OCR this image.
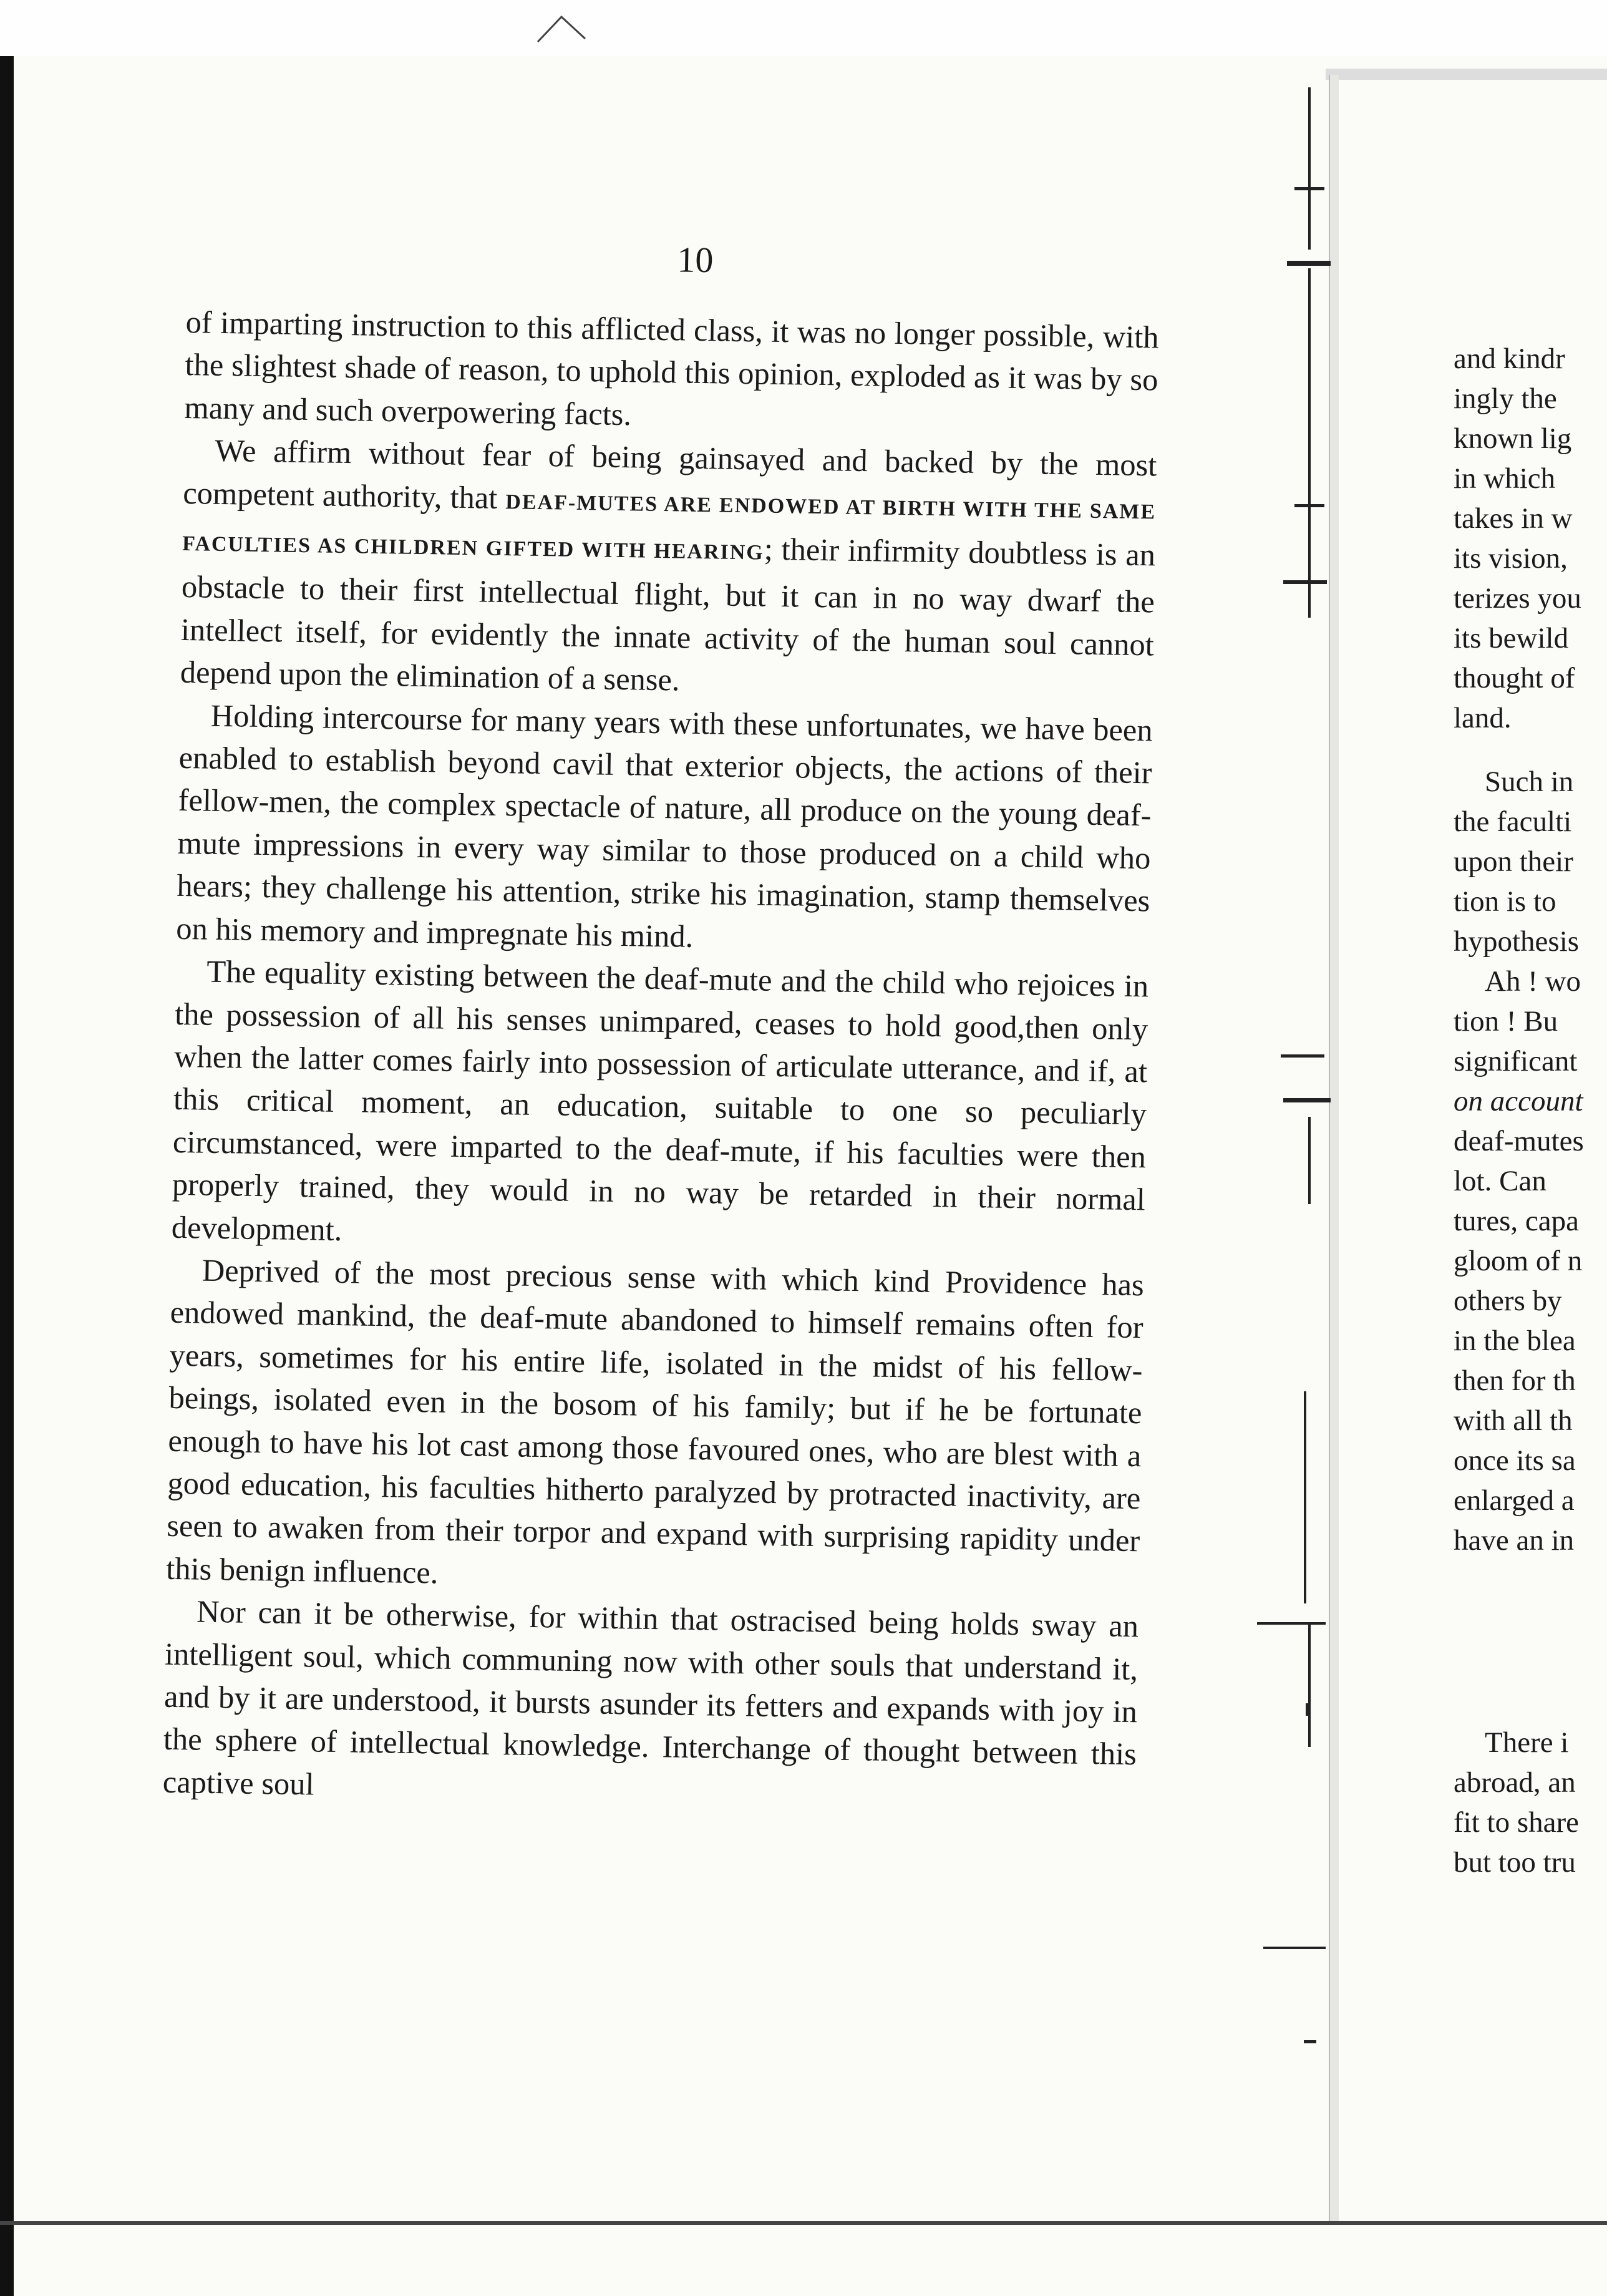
10

of imparting instruction to this afflicted class, it was no longer possible, with the slightest shade of reason, to uphold this opinion, exploded as it was by so many and such overpowering facts.

We affirm without fear of being gainsayed and backed by the most competent authority, that DEAF-MUTES ARE ENDOWED AT BIRTH WITH THE SAME FACULTIES AS CHILDREN GIFTED WITH HEARING; their infirmity doubtless is an obstacle to their first intellectual flight, but it can in no way dwarf the intellect itself, for evidently the innate activity of the human soul cannot depend upon the elimination of a sense.

Holding intercourse for many years with these unfortunates, we have been enabled to establish beyond cavil that exterior objects, the actions of their fellow-men, the complex spectacle of nature, all produce on the young deaf-mute impressions in every way similar to those produced on a child who hears; they challenge his attention, strike his imagination, stamp themselves on his memory and impregnate his mind.

The equality existing between the deaf-mute and the child who rejoices in the possession of all his senses unimpared, ceases to hold good,then only when the latter comes fairly into possession of articulate utterance, and if, at this critical moment, an education, suitable to one so peculiarly circumstanced, were imparted to the deaf-mute, if his faculties were then properly trained, they would in no way be retarded in their normal development.

Deprived of the most precious sense with which kind Providence has endowed mankind, the deaf-mute abandoned to himself remains often for years, sometimes for his entire life, isolated in the midst of his fellow-beings, isolated even in the bosom of his family; but if he be fortunate enough to have his lot cast among those favoured ones, who are blest with a good education, his faculties hitherto paralyzed by protracted inactivity, are seen to awaken from their torpor and expand with surprising rapidity under this benign influence.

Nor can it be otherwise, for within that ostracised being holds sway an intelligent soul, which communing now with other souls that understand it, and by it are understood, it bursts asunder its fetters and expands with joy in the sphere of intellectual knowledge. Interchange of thought between this captive soul

and kindr
ingly the
known lig
in which
takes in w
its vision,
terizes you
its bewild
thought of
land.
Such in
the faculti
upon their
tion is to
hypothesis
Ah ! wo
tion ! Bu
significant
on account
deaf-mutes
lot. Can
tures, capa
gloom of n
others by
in the blea
then for th
with all th
once its sa
enlarged a
have an in
There i
abroad, an
fit to share
but too tru
